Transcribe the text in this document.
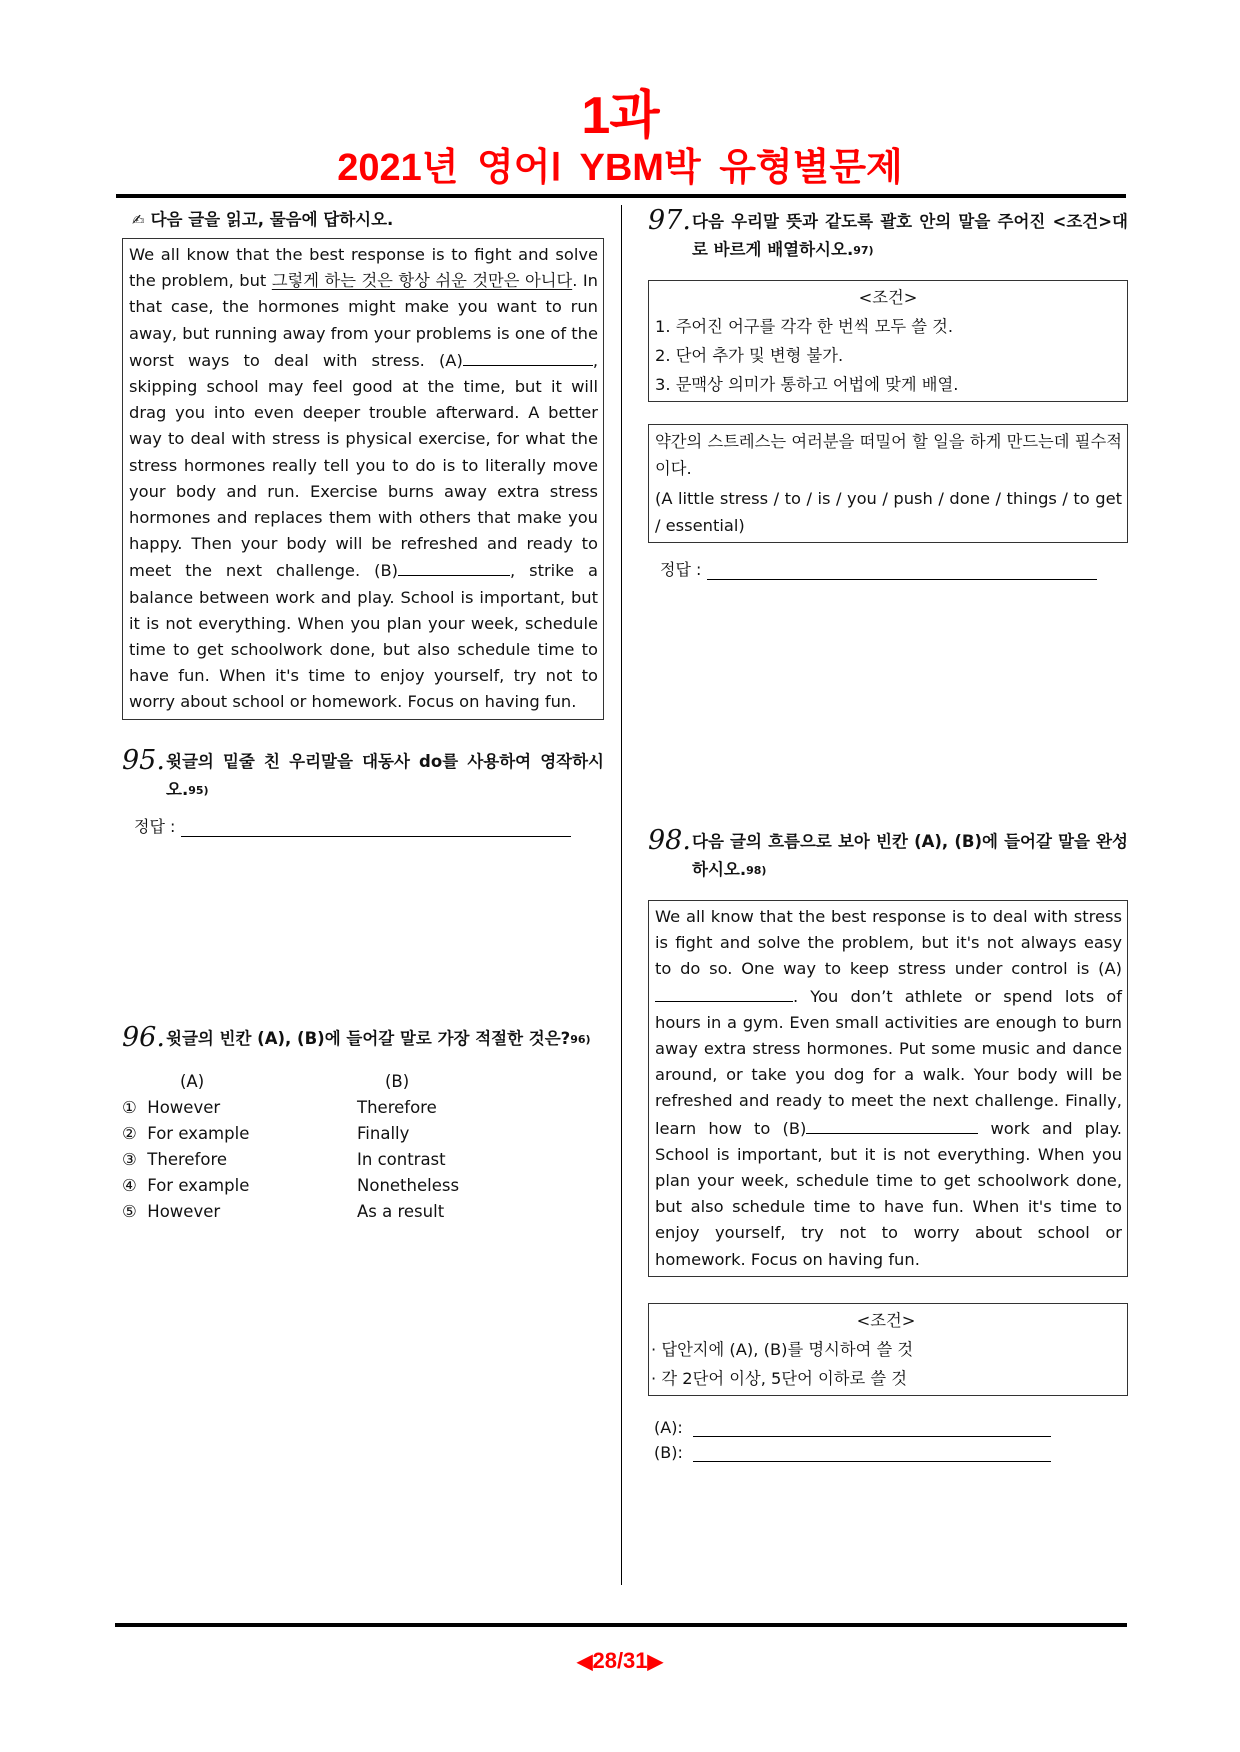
1과
2021년 영어Ⅰ YBM박 유형별문제
✍ 다음 글을 읽고, 물음에 답하시오.
We all know that the best response is to fight and solve the problem, but 그렇게 하는 것은 항상 쉬운 것만은 아니다. In that case, the hormones might make you want to run away, but running away from your problems is one of the worst ways to deal with stress. (A)	, skipping school may feel good at the time, but it will drag you into even deeper trouble afterward. A better way to deal with stress is physical exercise, for what the stress hormones really tell you to do is to literally move your body and run. Exercise burns away extra stress hormones and replaces them with others that make you happy. Then your body will be refreshed and ready to meet the next challenge. (B)	, strike a balance between work and play. School is important, but it is not everything. When you plan your week, schedule time to get schoolwork done, but also schedule time to have fun. When it's time to enjoy yourself, try not to worry about school or homework. Focus on having fun.
95. 윗글의 밑줄 친 우리말을 대동사 do를 사용하여 영작하시오.$^{95)}$
정답 :
96. 윗글의 빈칸 (A), (B)에 들어갈 말로 가장 적절한 것은?$^{96)}$
(A)	(B)
① However	Therefore
② For example	Finally
③ Therefore	In contrast
④ For example	Nonetheless
⑤ However	As a result
97. 다음 우리말 뜻과 같도록 괄호 안의 말을 주어진 <조건>대로 바르게 배열하시오.$^{97)}$
<조건>
1. 주어진 어구를 각각 한 번씩 모두 쓸 것.
2. 단어 추가 및 변형 불가.
3. 문맥상 의미가 통하고 어법에 맞게 배열.
약간의 스트레스는 여러분을 떠밀어 할 일을 하게 만드는데 필수적이다.
(A little stress / to / is / you / push / done / things / to get / essential)
정답 :
98. 다음 글의 흐름으로 보아 빈칸 (A), (B)에 들어갈 말을 완성하시오.$^{98)}$
We all know that the best response is to deal with stress is fight and solve the problem, but it's not always easy to do so. One way to keep stress under control is (A). You don’t athlete or spend lots of hours in a gym. Even small activities are enough to burn away extra stress hormones. Put some music and dance around, or take you dog for a walk. Your body will be refreshed and ready to meet the next challenge. Finally, learn how to (B)	work and play. School is important, but it is not everything. When you plan your week, schedule time to get schoolwork done, but also schedule time to have fun. When it's time to enjoy yourself, try not to worry about school or homework. Focus on having fun.
<조건>
· 답안지에 (A), (B)를 명시하여 쓸 것
· 각 2단어 이상, 5단어 이하로 쓸 것
(A):
(B):
◀28/31▶
